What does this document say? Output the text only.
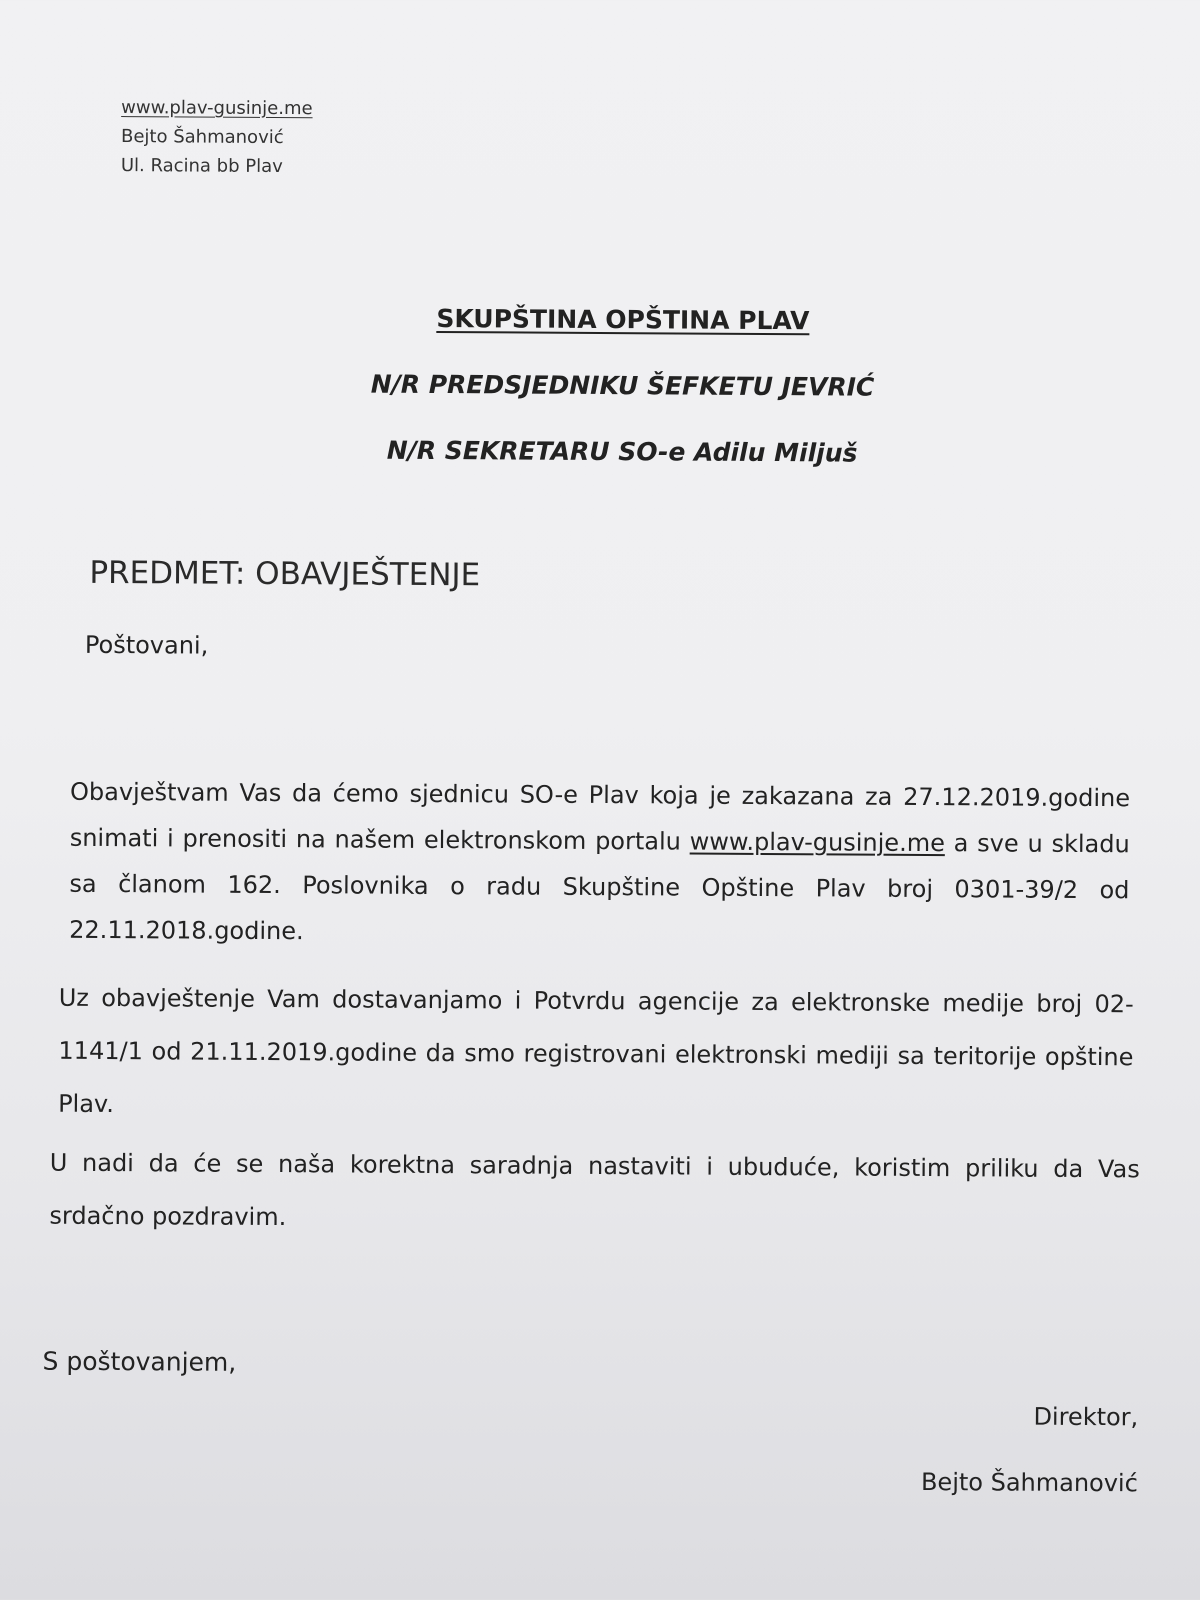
www.plav-gusinje.me
Bejto Šahmanović
Ul. Racina bb Plav
SKUPŠTINA OPŠTINA PLAV
N/R PREDSJEDNIKU ŠEFKETU JEVRIĆ
N/R SEKRETARU SO-e Adilu Miljuš
PREDMET: OBAVJEŠTENJE
Poštovani,
Obavještvam Vas da ćemo sjednicu SO-e Plav koja je zakazana za 27.12.2019.godine snimati i prenositi na našem elektronskom portalu www.plav-gusinje.me a sve u skladu sa članom 162. Poslovnika o radu Skupštine Opštine Plav broj 0301-39/2 od 22.11.2018.godine.
Uz obavještenje Vam dostavanjamo i Potvrdu agencije za elektronske medije broj 02-1141/1 od 21.11.2019.godine da smo registrovani elektronski mediji sa teritorije opštine Plav.
U nadi da će se naša korektna saradnja nastaviti i ubuduće, koristim priliku da Vas srdačno pozdravim.
S poštovanjem,
Direktor,
Bejto Šahmanović
